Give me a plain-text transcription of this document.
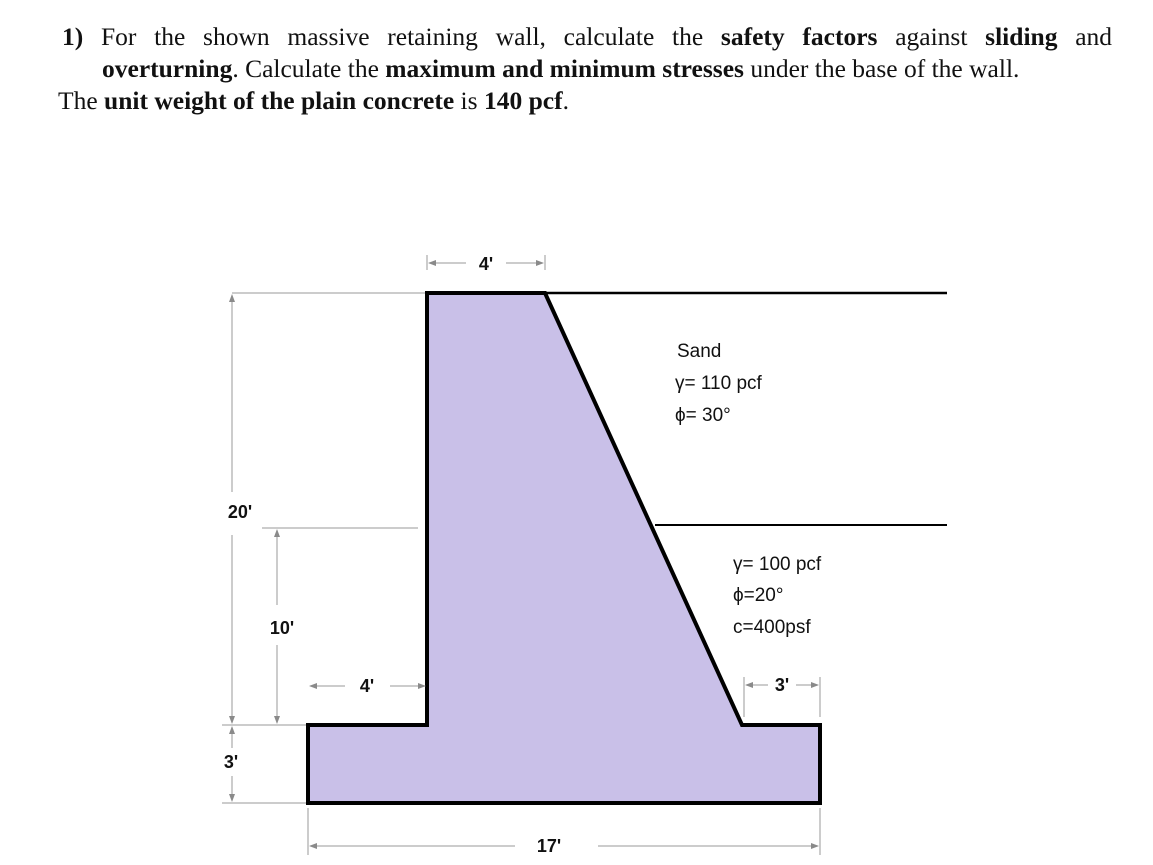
1) For the shown massive retaining wall, calculate the safety factors against sliding and
overturning. Calculate the maximum and minimum stresses under the base of the wall.
The unit weight of the plain concrete is 140 pcf.
4'
20'
10'
4'
3'
17'
3'
Sand
γ= 110 pcf
ϕ= 30°
γ= 100 pcf
ϕ=20°
c=400psf
